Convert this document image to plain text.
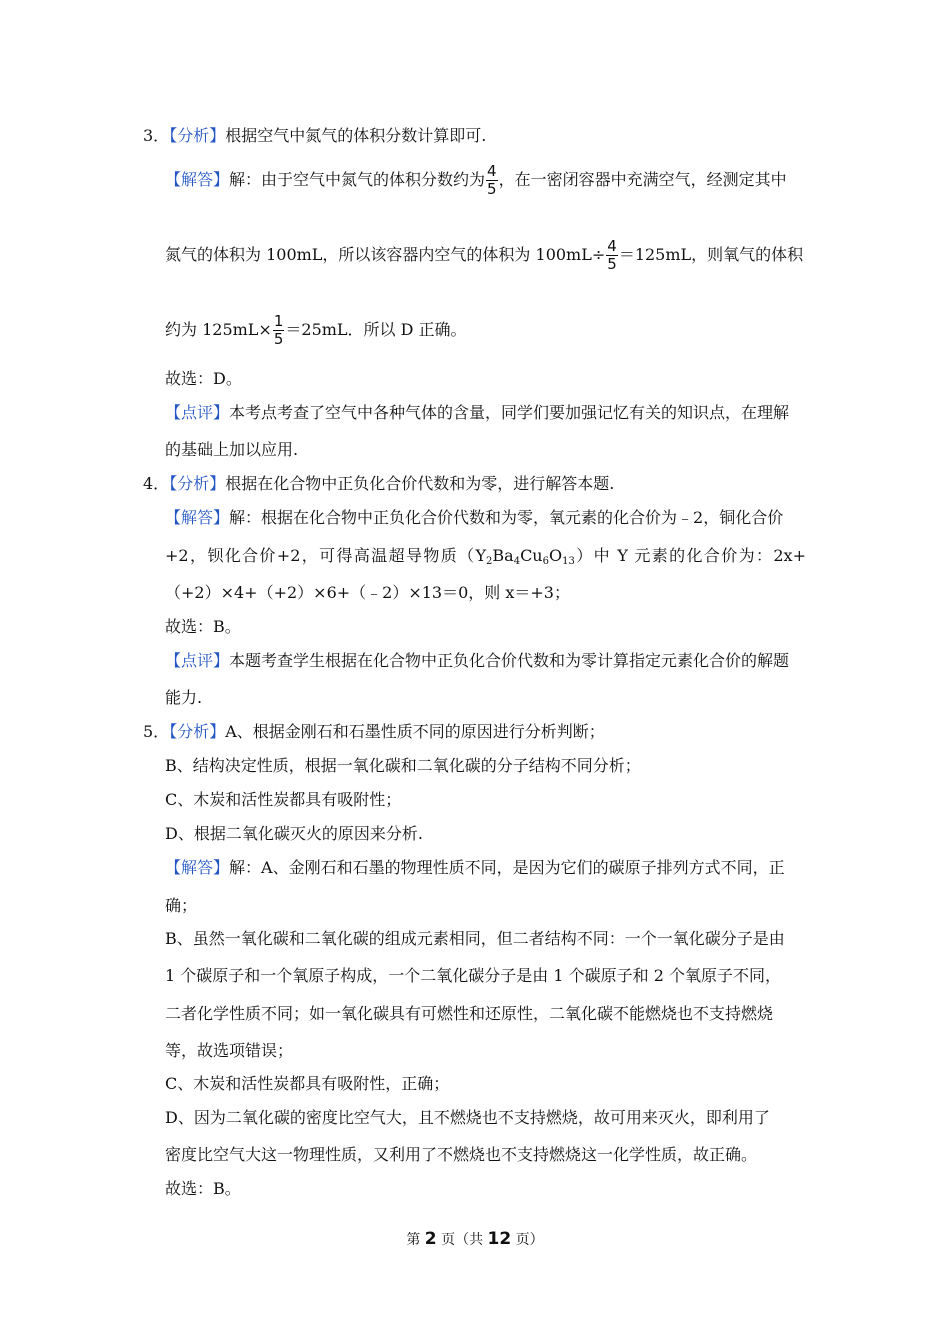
3．【分析】根据空气中氮气的体积分数计算即可.
【解答】解：由于空气中氮气的体积分数约为 $\frac{4}{5}$ ，在一密闭容器中充满空气，经测定其中
氮气的体积为 100mL，所以该容器内空气的体积为 $100mL\div \frac{4}{5} =125mL$，则氧气的体积
约为 $125mL\times \frac{1}{5} =25mL$．所以 D 正确。
故选：D。
【点评】本考点考查了空气中各种气体的含量，同学们要加强记忆有关的知识点，在理解
的基础上加以应用.
4．【分析】根据在化合物中正负化合价代数和为零，进行解答本题.
【解答】解：根据在化合物中正负化合价代数和为零，氧元素的化合价为﹣2，铜化合价
+2，钡化合价+2，可得高温超导物质$(Y_2Ba_4Cu_6O_{13})$中 Y 元素的化合价为：2x+
（+2）×4+（+2）×6+（﹣2）×13＝0，则 x＝+3；
故选：B。
【点评】本题考查学生根据在化合物中正负化合价代数和为零计算指定元素化合价的解题
能力.
5．【分析】A、根据金刚石和石墨性质不同的原因进行分析判断；
B、结构决定性质，根据一氧化碳和二氧化碳的分子结构不同分析；
C、木炭和活性炭都具有吸附性；
D、根据二氧化碳灭火的原因来分析.
【解答】解：A、金刚石和石墨的物理性质不同，是因为它们的碳原子排列方式不同，正
确；
B、虽然一氧化碳和二氧化碳的组成元素相同，但二者结构不同：一个一氧化碳分子是由
1 个碳原子和一个氧原子构成，一个二氧化碳分子是由 1 个碳原子和 2 个氧原子不同，
二者化学性质不同；如一氧化碳具有可燃性和还原性，二氧化碳不能燃烧也不支持燃烧
等，故选项错误；
C、木炭和活性炭都具有吸附性，正确；
D、因为二氧化碳的密度比空气大，且不燃烧也不支持燃烧，故可用来灭火，即利用了
密度比空气大这一物理性质，又利用了不燃烧也不支持燃烧这一化学性质，故正确。
故选：B。
第 2 页（共 12 页）
